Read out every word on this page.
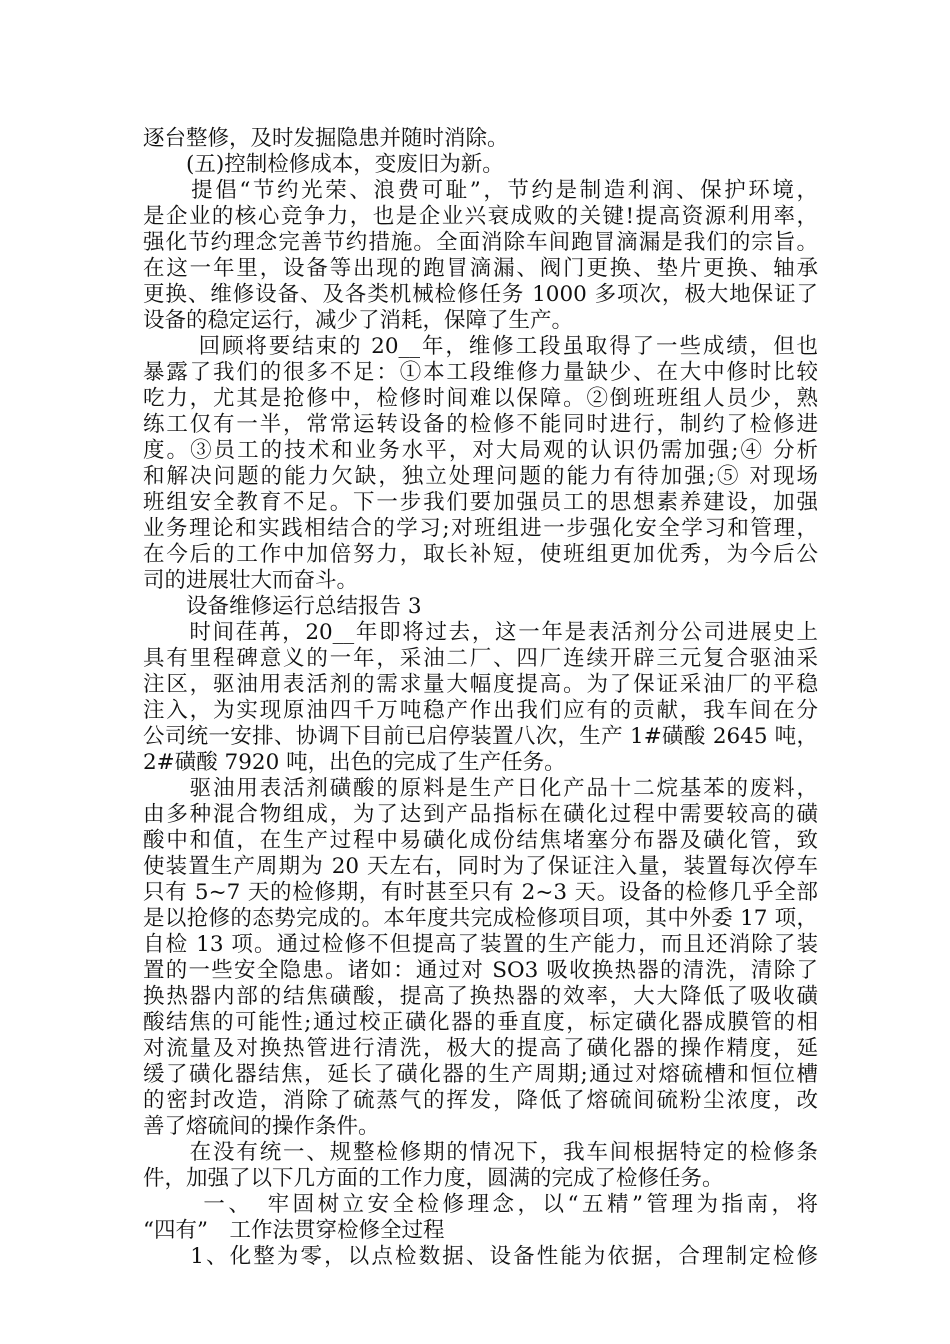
逐台整修，及时发掘隐患并随时消除。
　　(五)控制检修成本，变废旧为新。
　　提倡“节约光荣、浪费可耻”，节约是制造利润、保护环境，
是企业的核心竞争力，也是企业兴衰成败的关键!提高资源利用率，
强化节约理念完善节约措施。全面消除车间跑冒滴漏是我们的宗旨。
在这一年里，设备等出现的跑冒滴漏、阀门更换、垫片更换、轴承
更换、维修设备、及各类机械检修任务 1000 多项次，极大地保证了
设备的稳定运行，减少了消耗，保障了生产。
　　 回顾将要结束的 20__年，维修工段虽取得了一些成绩，但也
暴露了我们的很多不足：①本工段维修力量缺少、在大中修时比较
吃力，尤其是抢修中，检修时间难以保障。②倒班班组人员少，熟
练工仅有一半，常常运转设备的检修不能同时进行，制约了检修进
度。③员工的技术和业务水平，对大局观的认识仍需加强;④ 分析
和解决问题的能力欠缺，独立处理问题的能力有待加强;⑤ 对现场
班组安全教育不足。下一步我们要加强员工的思想素养建设，加强
业务理论和实践相结合的学习;对班组进一步强化安全学习和管理，
在今后的工作中加倍努力，取长补短，使班组更加优秀，为今后公
司的进展壮大而奋斗。
　　设备维修运行总结报告 3
　　时间荏苒，20__年即将过去，这一年是表活剂分公司进展史上
具有里程碑意义的一年，采油二厂、四厂连续开辟三元复合驱油采
注区，驱油用表活剂的需求量大幅度提高。为了保证采油厂的平稳
注入，为实现原油四千万吨稳产作出我们应有的贡献，我车间在分
公司统一安排、协调下目前已启停装置八次，生产 1#磺酸 2645 吨，
2#磺酸 7920 吨，出色的完成了生产任务。
　　驱油用表活剂磺酸的原料是生产日化产品十二烷基苯的废料，
由多种混合物组成，为了达到产品指标在磺化过程中需要较高的磺
酸中和值，在生产过程中易磺化成份结焦堵塞分布器及磺化管，致
使装置生产周期为 20 天左右，同时为了保证注入量，装置每次停车
只有 5~7 天的检修期，有时甚至只有 2~3 天。设备的检修几乎全部
是以抢修的态势完成的。本年度共完成检修项目项，其中外委 17 项，
自检 13 项。通过检修不但提高了装置的生产能力，而且还消除了装
置的一些安全隐患。诸如：通过对 SO3 吸收换热器的清洗，清除了
换热器内部的结焦磺酸，提高了换热器的效率，大大降低了吸收磺
酸结焦的可能性;通过校正磺化器的垂直度，标定磺化器成膜管的相
对流量及对换热管进行清洗，极大的提高了磺化器的操作精度，延
缓了磺化器结焦，延长了磺化器的生产周期;通过对熔硫槽和恒位槽
的密封改造，消除了硫蒸气的挥发，降低了熔硫间硫粉尘浓度，改
善了熔硫间的操作条件。
　　在没有统一、规整检修期的情况下，我车间根据特定的检修条
件，加强了以下几方面的工作力度，圆满的完成了检修任务。
　　 一、　牢固树立安全检修理念，以“五精”管理为指南，将
“四有”　工作法贯穿检修全过程
　　1、化整为零，以点检数据、设备性能为依据，合理制定检修
